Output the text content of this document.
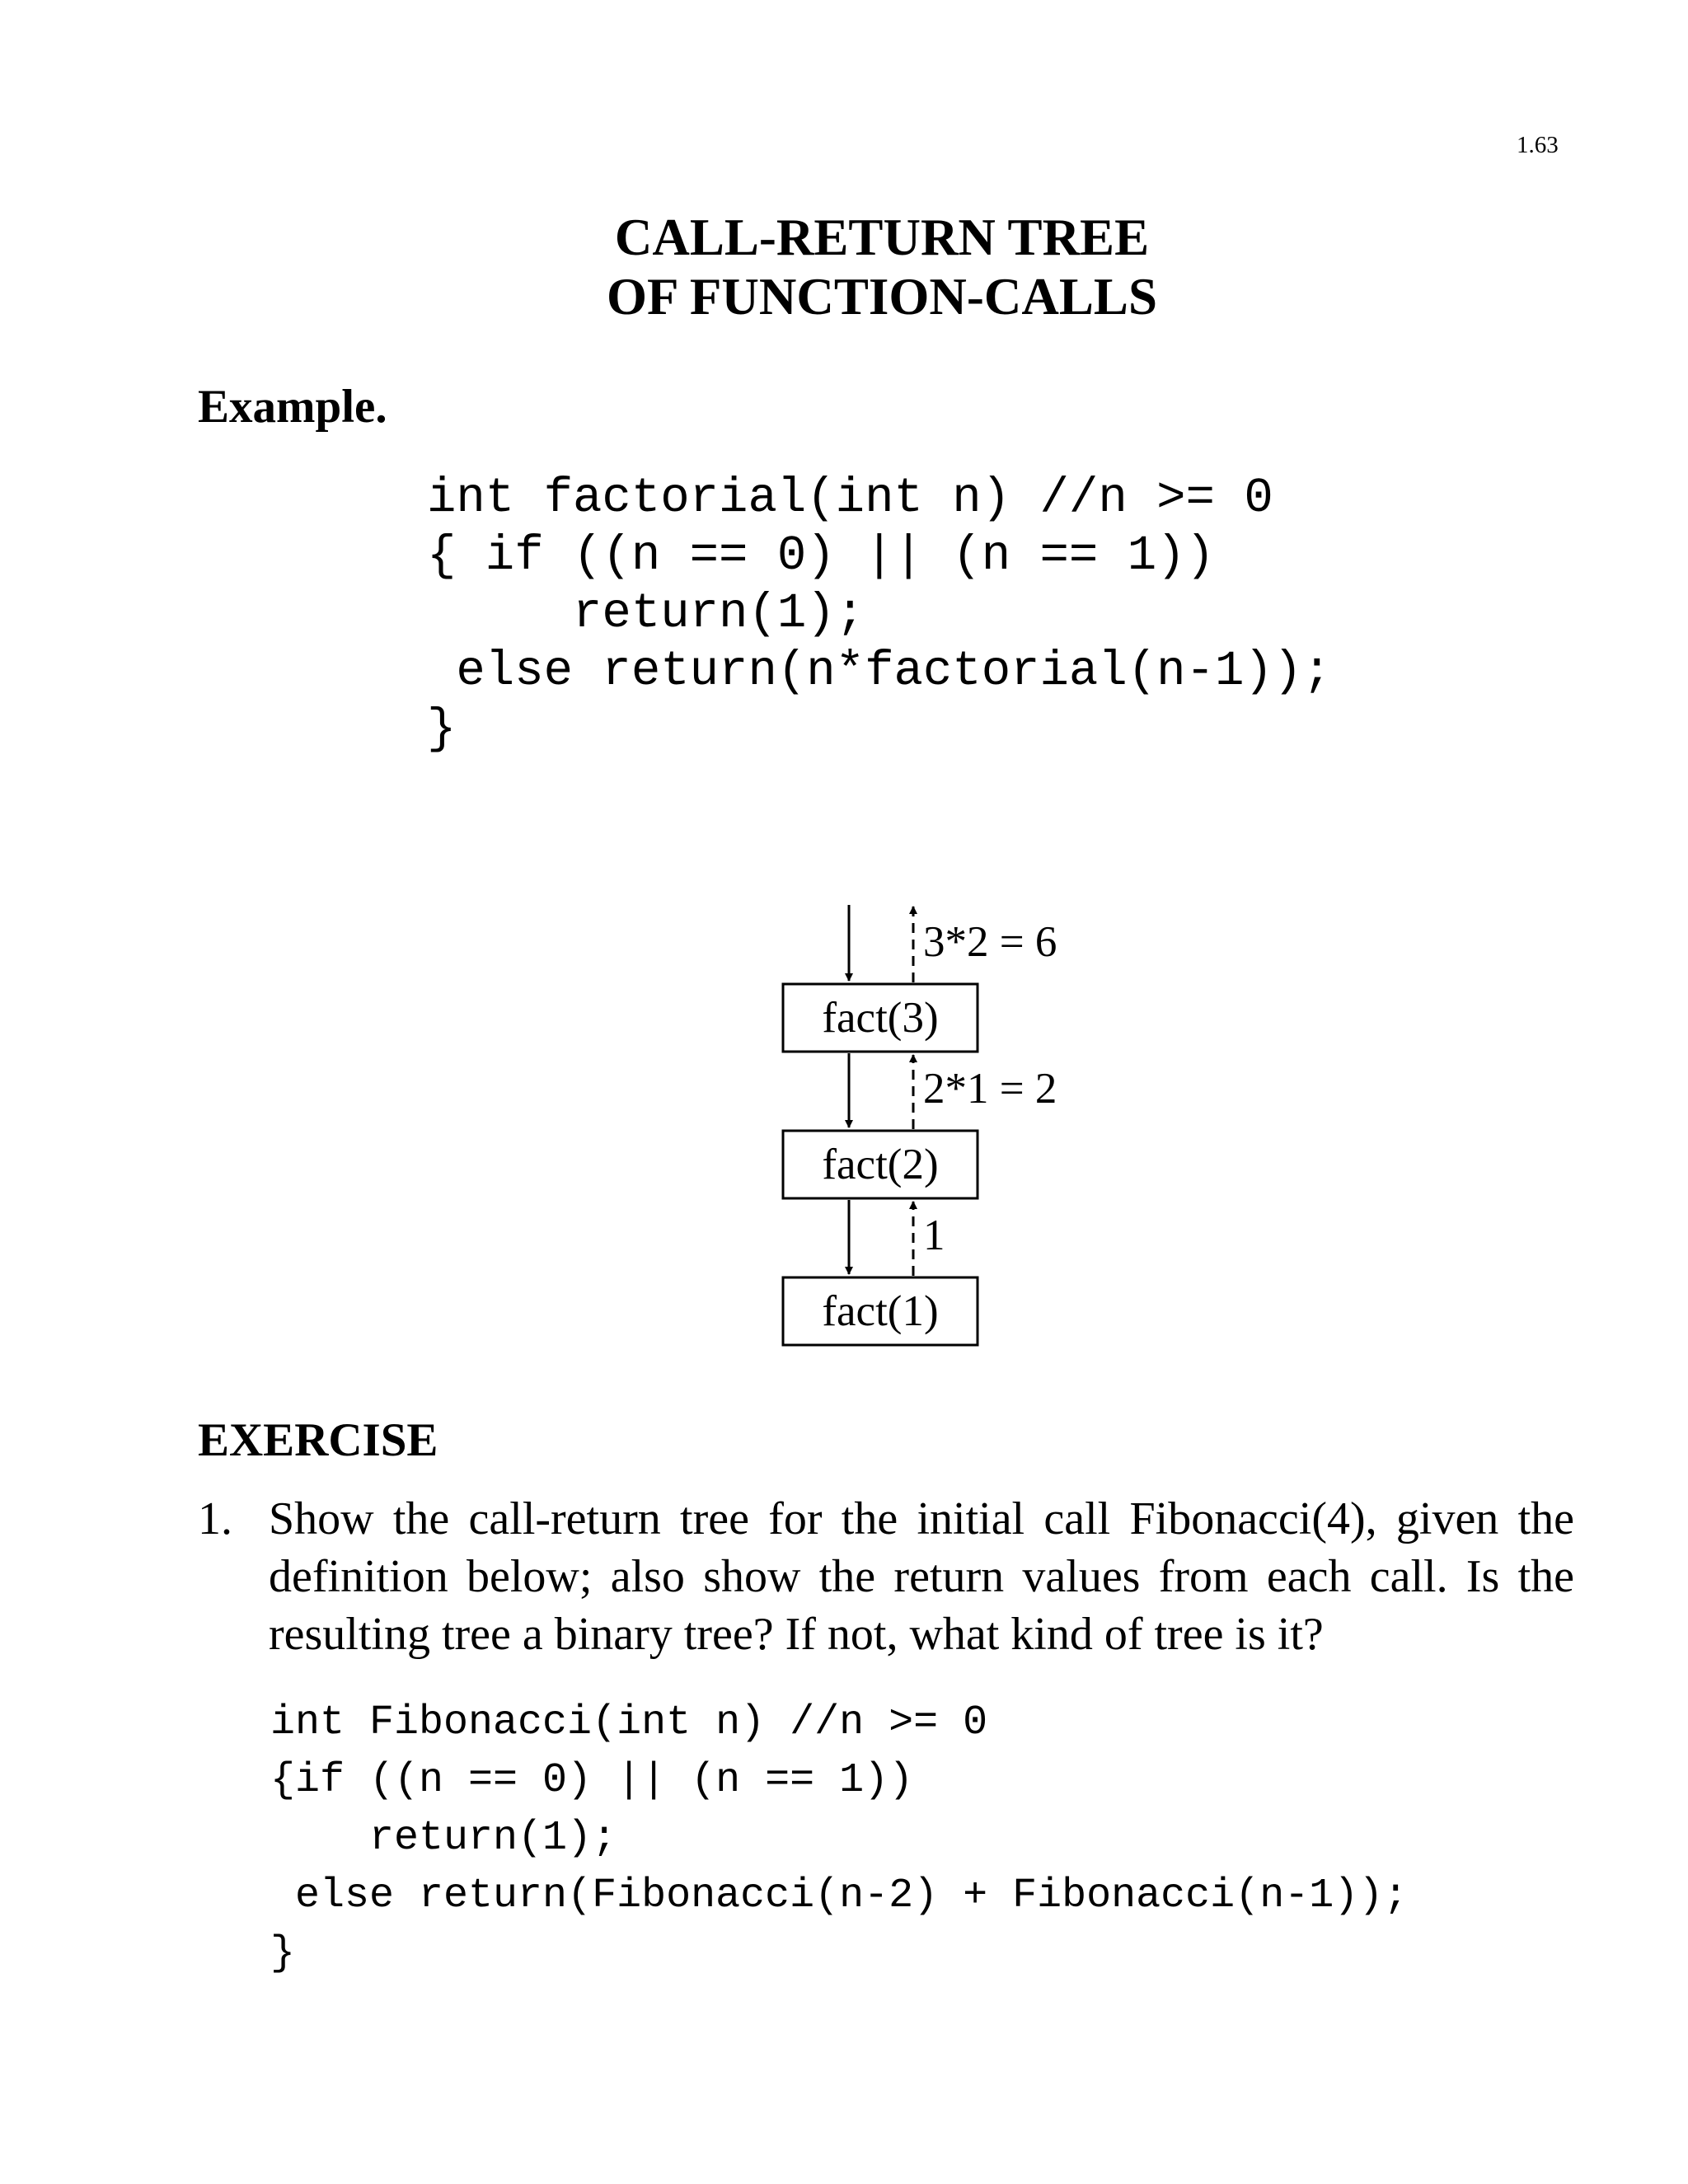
1.63
CALL-RETURN TREE
OF FUNCTION-CALLS
Example.
int factorial(int n) //n >= 0
{ if ((n == 0) || (n == 1))
return(1);
else return(n*factorial(n-1));
}
fact(3)
fact(2)
fact(1)
3*2 = 6
2*1 = 2
1
EXERCISE
1. Show the call-return tree for the initial call Fibonacci(4), given the definition below; also show the return values from each call. Is the resulting tree a binary tree? If not, what kind of tree is it?
int Fibonacci(int n) //n >= 0
{if ((n == 0) || (n == 1))
return(1);
else return(Fibonacci(n-2) + Fibonacci(n-1));
}
